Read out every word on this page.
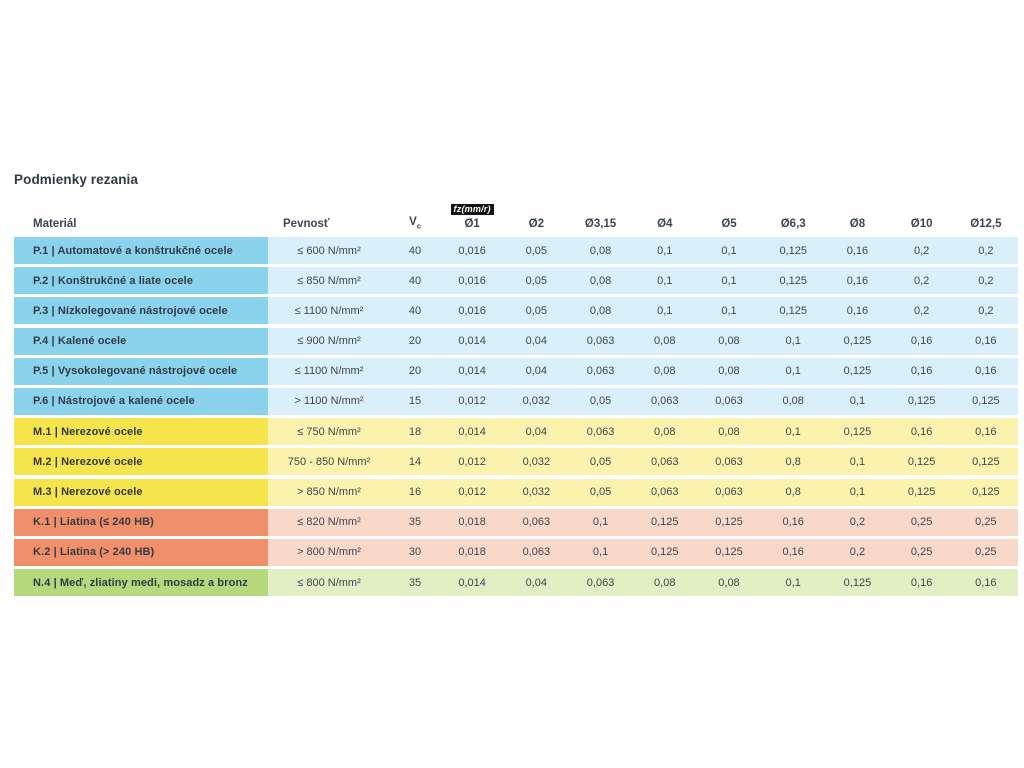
Podmienky rezania
Materiál	Pevnosť	$V_c$
fz(mm/r)
Ø1	Ø2	Ø3,15	Ø4	Ø5	Ø6,3	Ø8	Ø10	Ø12,5
P.1 | Automatové a konštrukčné ocele	≤ 600 N/mm²	40	0,016	0,05	0,08	0,1	0,1	0,125	0,16	0,2	0,2
P.2 | Konštrukčné a liate ocele	≤ 850 N/mm²	40	0,016	0,05	0,08	0,1	0,1	0,125	0,16	0,2	0,2
P.3 | Nízkolegované nástrojové ocele	≤ 1100 N/mm²	40	0,016	0,05	0,08	0,1	0,1	0,125	0,16	0,2	0,2
P.4 | Kalené ocele	≤ 900 N/mm²	20	0,014	0,04	0,063	0,08	0,08	0,1	0,125	0,16	0,16
P.5 | Vysokolegované nástrojové ocele	≤ 1100 N/mm²	20	0,014	0,04	0,063	0,08	0,08	0,1	0,125	0,16	0,16
P.6 | Nástrojové a kalené ocele	> 1100 N/mm²	15	0,012	0,032	0,05	0,063	0,063	0,08	0,1	0,125	0,125
M.1 | Nerezové ocele	≤ 750 N/mm²	18	0,014	0,04	0,063	0,08	0,08	0,1	0,125	0,16	0,16
M.2 | Nerezové ocele	750 - 850 N/mm²	14	0,012	0,032	0,05	0,063	0,063	0,8	0,1	0,125	0,125
M.3 | Nerezové ocele	> 850 N/mm²	16	0,012	0,032	0,05	0,063	0,063	0,8	0,1	0,125	0,125
K.1 | Liatina (≤ 240 HB)	≤ 820 N/mm²	35	0,018	0,063	0,1	0,125	0,125	0,16	0,2	0,25	0,25
K.2 | Liatina (> 240 HB)	> 800 N/mm²	30	0,018	0,063	0,1	0,125	0,125	0,16	0,2	0,25	0,25
N.4 | Meď, zliatiny medi, mosadz a bronz	≤ 800 N/mm²	35	0,014	0,04	0,063	0,08	0,08	0,1	0,125	0,16	0,16
